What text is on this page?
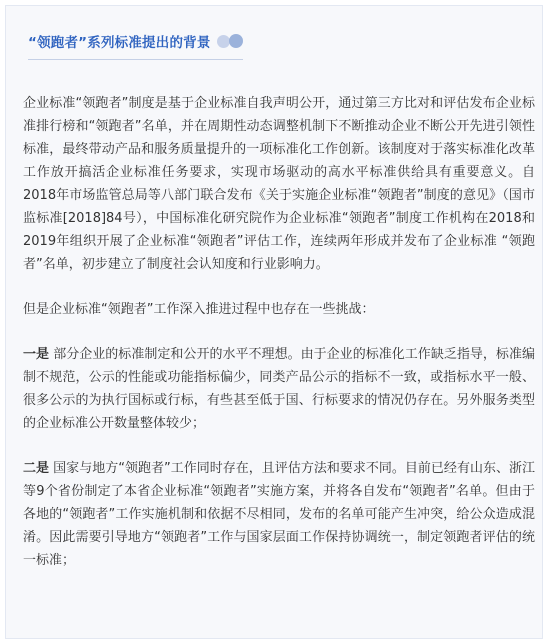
“领跑者”系列标准提出的背景

企业标准“领跑者”制度是基于企业标准自我声明公开，通过第三方比对和评估发布企业标准排行榜和“领跑者”名单，并在周期性动态调整机制下不断推动企业不断公开先进引领性标准，最终带动产品和服务质量提升的一项标准化工作创新。该制度对于落实标准化改革工作放开搞活企业标准任务要求，实现市场驱动的高水平标准供给具有重要意义。自2018年市场监管总局等八部门联合发布《关于实施企业标准“领跑者”制度的意见》（国市监标准[2018]84号），中国标准化研究院作为企业标准“领跑者”制度工作机构在2018和2019年组织开展了企业标准“领跑者”评估工作，连续两年形成并发布了企业标准 “领跑者”名单，初步建立了制度社会认知度和行业影响力。

但是企业标准“领跑者”工作深入推进过程中也存在一些挑战：

一是 部分企业的标准制定和公开的水平不理想。由于企业的标准化工作缺乏指导，标准编制不规范，公示的性能或功能指标偏少，同类产品公示的指标不一致，或指标水平一般、很多公示的为执行国标或行标，有些甚至低于国、行标要求的情况仍存在。另外服务类型的企业标准公开数量整体较少；

二是 国家与地方“领跑者”工作同时存在，且评估方法和要求不同。目前已经有山东、浙江等9个省份制定了本省企业标准“领跑者”实施方案，并将各自发布“领跑者”名单。但由于各地的“领跑者”工作实施机制和依据不尽相同，发布的名单可能产生冲突，给公众造成混淆。因此需要引导地方“领跑者”工作与国家层面工作保持协调统一，制定领跑者评估的统一标准；
